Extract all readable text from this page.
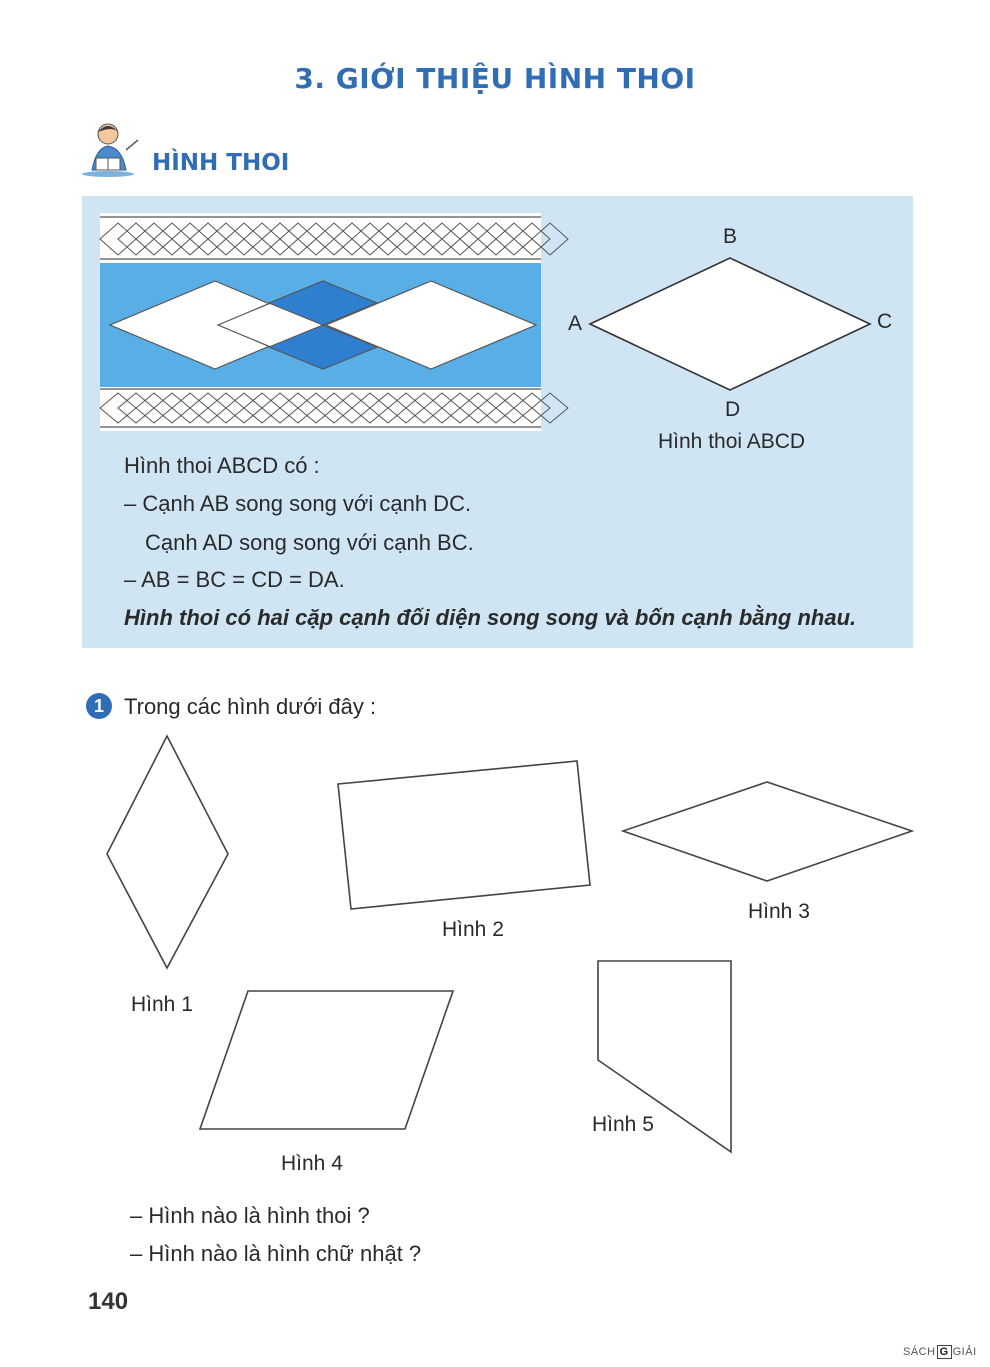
3. GIỚI THIỆU HÌNH THOI
HÌNH THOI
B
A	C
D
Hình thoi ABCD
Hình thoi ABCD có :
– Cạnh AB song song với cạnh DC.
Cạnh AD song song với cạnh BC.
– AB = BC = CD = DA.
Hình thoi có hai cặp cạnh đối diện song song và bốn cạnh bằng nhau.
1 Trong các hình dưới đây :
Hình 1
Hình 2
Hình 3
Hình 4
Hình 5
– Hình nào là hình thoi ?
– Hình nào là hình chữ nhật ?
140
SÁCH G GIẢI
